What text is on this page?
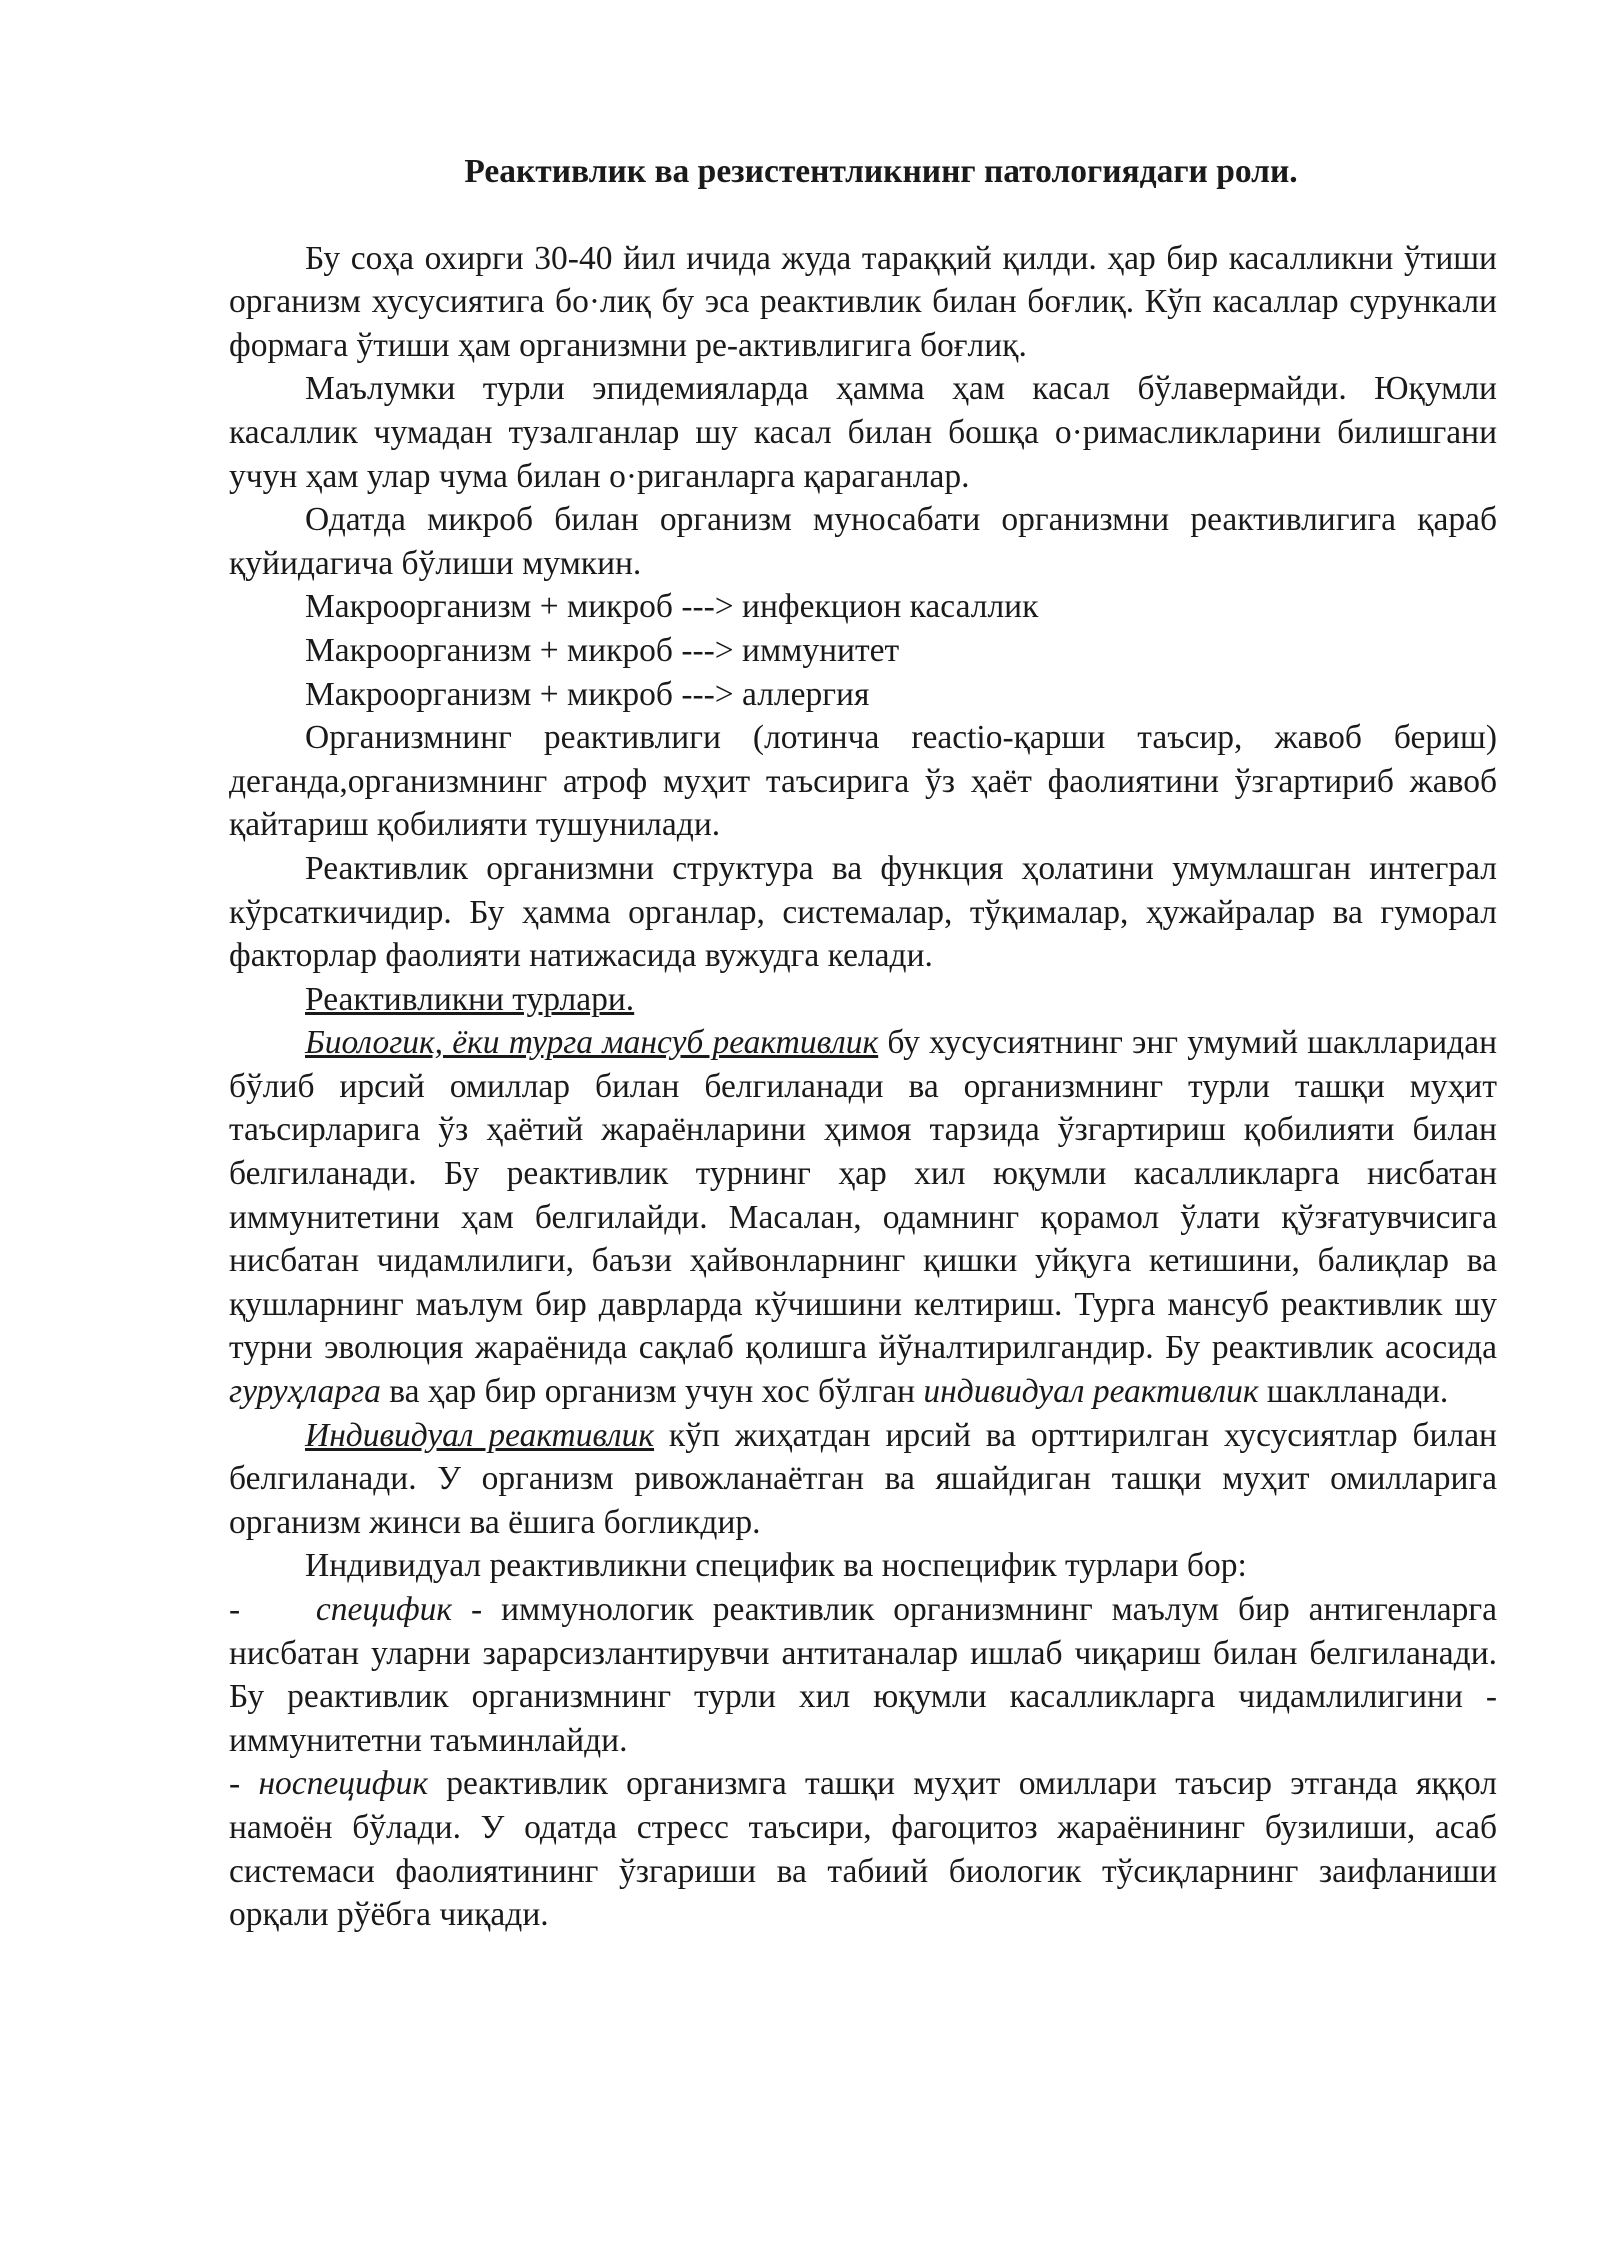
Реактивлик ва резистентликнинг патологиядаги роли.

Бу соҳа охирги 30-40 йил ичида жуда тараққий қилди. ҳар бир касалликни ўтиши организм хусусиятига бо·лиқ бу эса реактивлик билан боғлиқ. Кўп касаллар сурункали формага ўтиши ҳам организмни ре-активлигига боғлиқ.

Маълумки турли эпидемияларда ҳамма ҳам касал бўлавермайди. Юқумли касаллик чумадан тузалганлар шу касал билан бошқа о·римасликларини билишгани учун ҳам улар чума билан о·риганларга қараганлар.

Одатда микроб билан организм муносабати организмни реактивлигига қараб қуйидагича бўлиши мумкин.

Макроорганизм + микроб ---> инфекцион касаллик

Макроорганизм + микроб ---> иммунитет

Макроорганизм + микроб ---> аллергия

Организмнинг реактивлиги (лотинча reactio-қарши таъсир, жавоб бериш) деганда,организмнинг атроф муҳит таъсирига ўз ҳаёт фаолиятини ўзгартириб жавоб қайтариш қобилияти тушунилади.

Реактивлик организмни структура ва функция ҳолатини умумлашган интеграл кўрсаткичидир. Бу ҳамма органлар, системалар, тўқималар, ҳужайралар ва гуморал факторлар фаолияти натижасида вужудга келади.

Реактивликни турлари.

Биологик, ёки турга мансуб реактивлик бу хусусиятнинг энг умумий шаклларидан бўлиб ирсий омиллар билан белгиланади ва организмнинг турли ташқи муҳит таъсирларига ўз ҳаётий жараёнларини ҳимоя тарзида ўзгартириш қобилияти билан белгиланади. Бу реактивлик турнинг ҳар хил юқумли касалликларга нисбатан иммунитетини ҳам белгилайди. Масалан, одамнинг қорамол ўлати қўзғатувчисига нисбатан чидамлилиги, баъзи ҳайвонларнинг қишки уйқуга кетишини, балиқлар ва қушларнинг маълум бир даврларда кўчишини келтириш. Турга мансуб реактивлик шу турни эволюция жараёнида сақлаб қолишга йўналтирилгандир. Бу реактивлик асосида гуруҳларга ва ҳар бир организм учун хос бўлган индивидуал реактивлик шаклланади.

Индивидуал реактивлик кўп жиҳатдан ирсий ва орттирилган хусусиятлар билан белгиланади. У организм ривожланаётган ва яшайдиган ташқи муҳит омилларига организм жинси ва ёшига богликдир.

Индивидуал реактивликни специфик ва носпецифик турлари бор:

-    специфик - иммунологик реактивлик организмнинг маълум бир антигенларга нисбатан уларни зарарсизлантирувчи антитаналар ишлаб чиқариш билан белгиланади. Бу реактивлик организмнинг турли хил юқумли касалликларга чидамлилигини - иммунитетни таъминлайди.

- носпецифик реактивлик организмга ташқи муҳит омиллари таъсир этганда яққол намоён бўлади. У одатда стресс таъсири, фагоцитоз жараёнининг бузилиши, асаб системаси фаолиятининг ўзгариши ва табиий биологик тўсиқларнинг заифланиши орқали рўёбга чиқади.
